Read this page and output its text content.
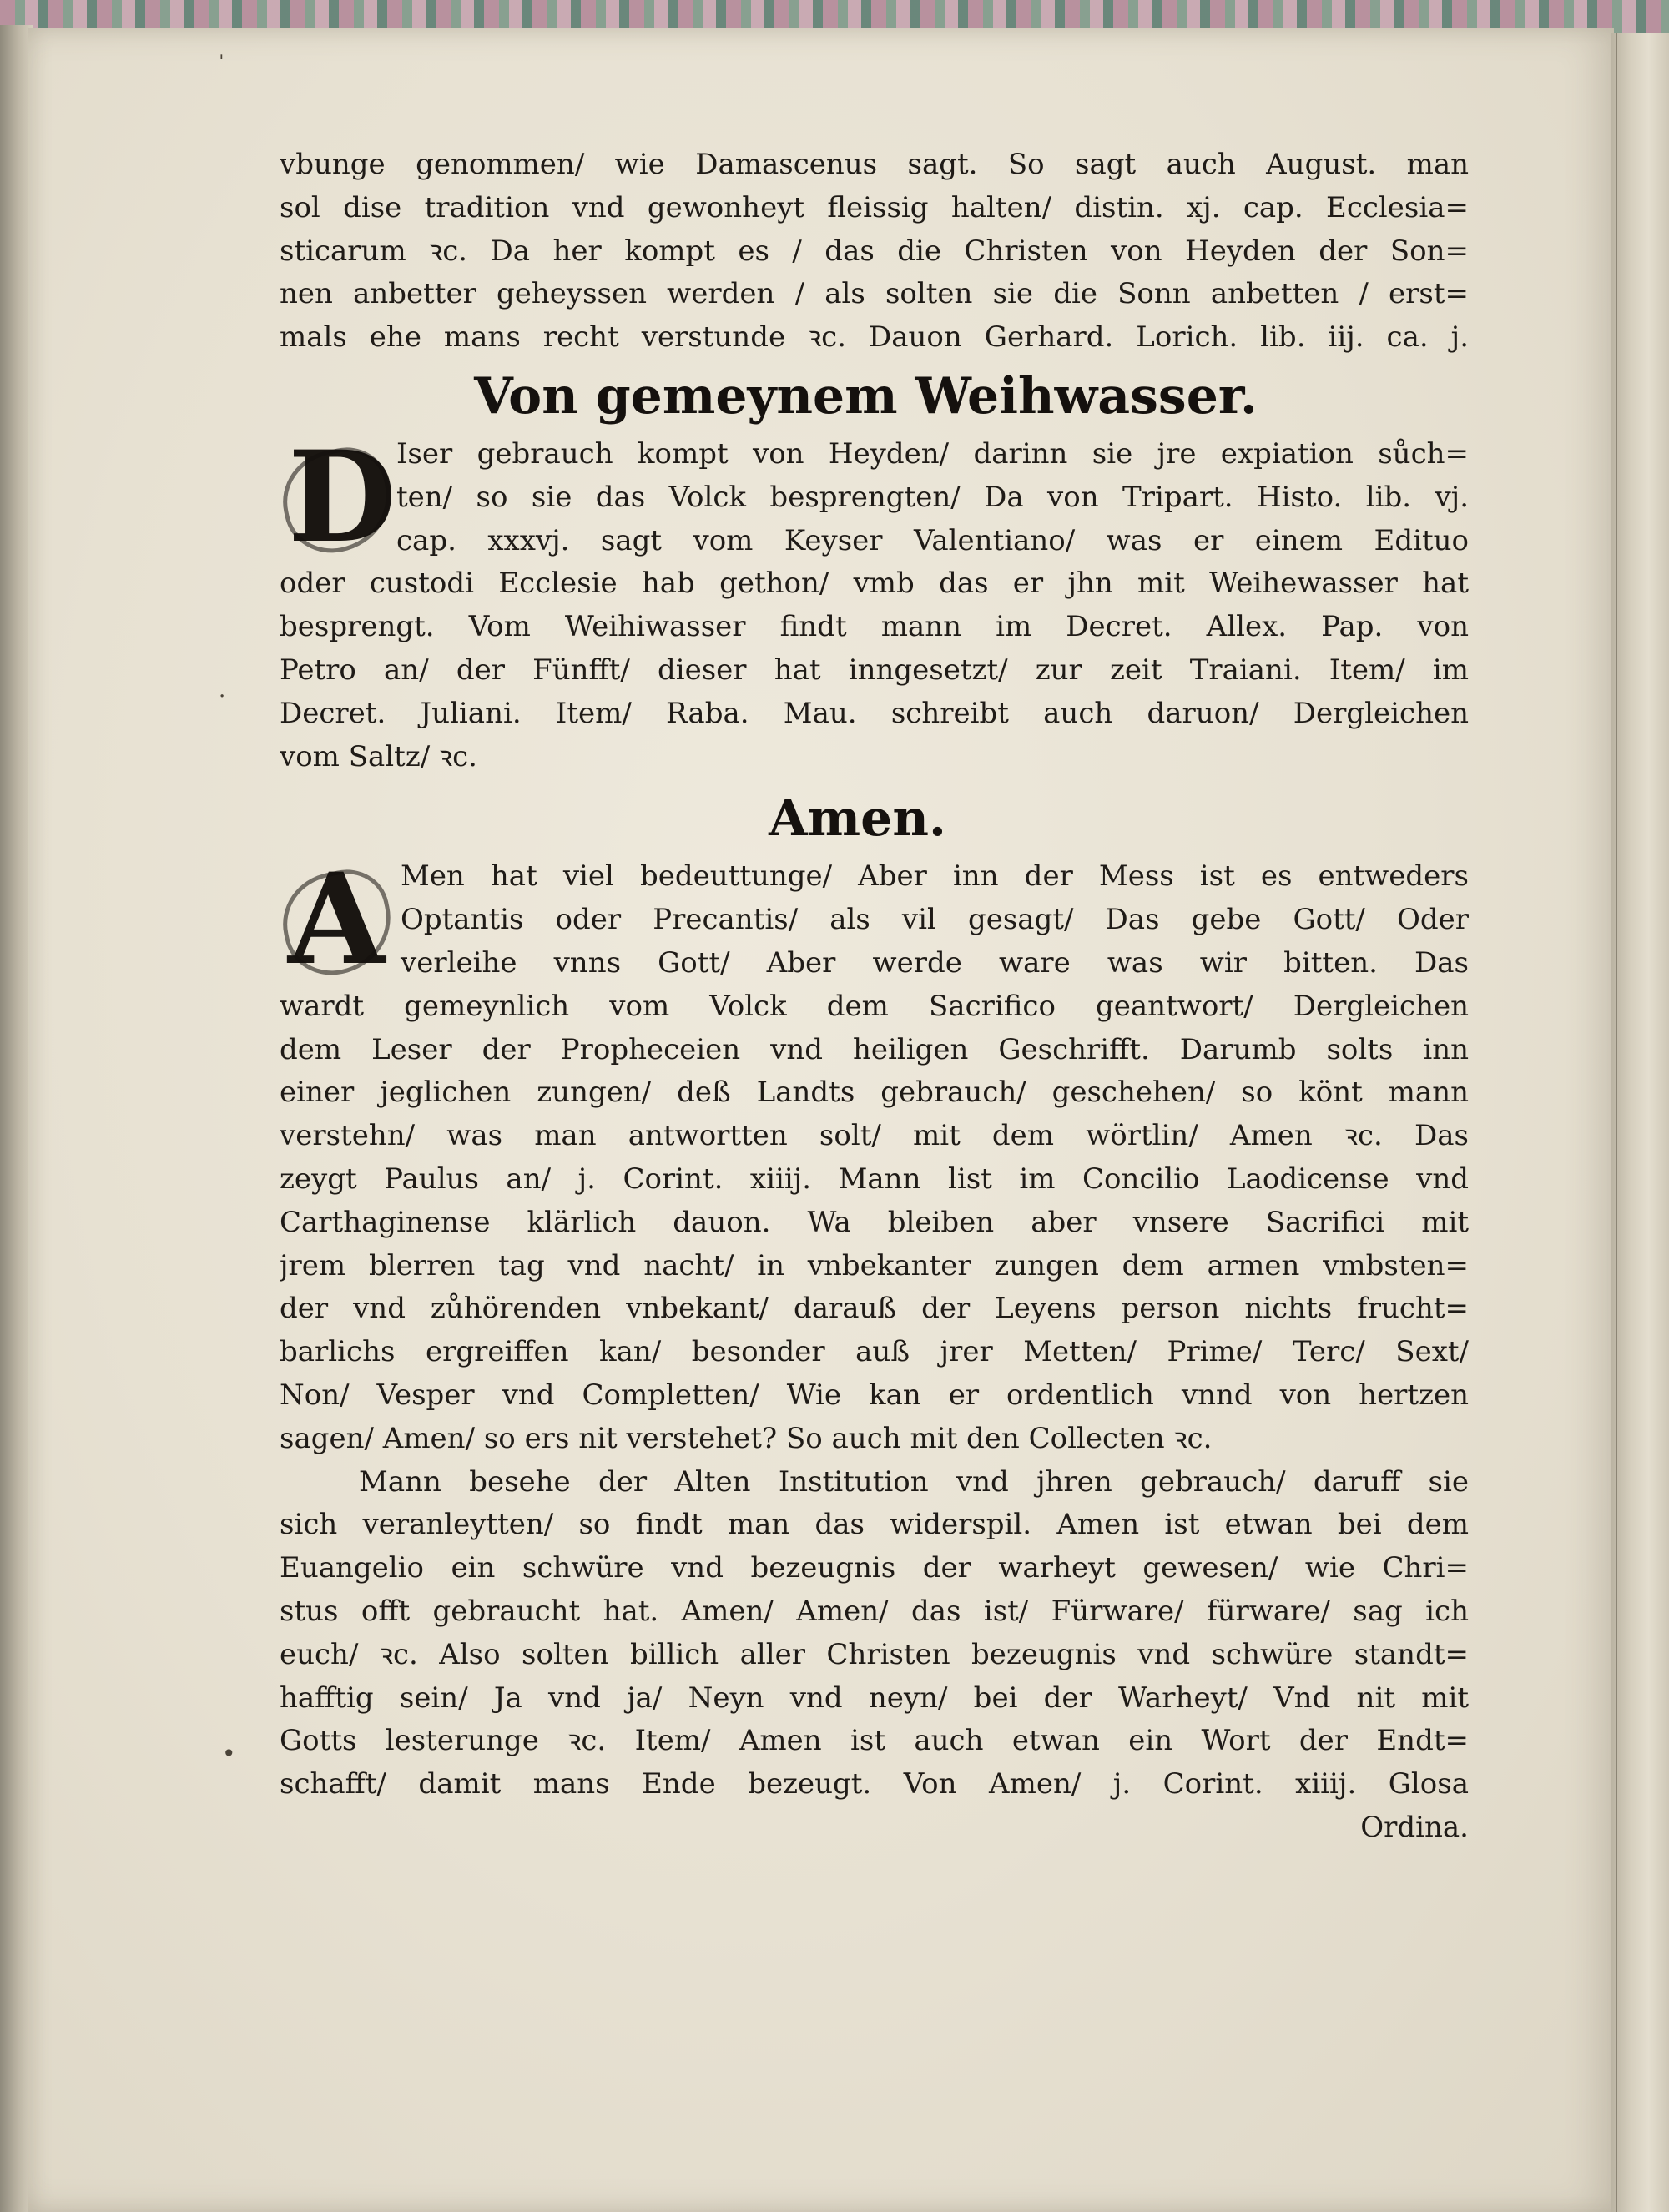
ˈ
·
•
vbunge genommen/ wie Damascenus sagt. So sagt auch August. man
sol dise tradition vnd gewonheyt fleissig halten/ distin. xj. cap. Ecclesia=
sticarum ꝛc. Da her kompt es / das die Christen von Heyden der Son=
nen anbetter geheyssen werden / als solten sie die Sonn anbetten / erst=
mals ehe mans recht verstunde ꝛc. Dauon Gerhard. Lorich. lib. iij. ca. j.
Von gemeynem Weihwasser.
D Iser gebrauch kompt von Heyden/ darinn sie jre expiation sůch=
ten/ so sie das Volck besprengten/ Da von Tripart. Histo. lib. vj.
cap. xxxvj. sagt vom Keyser Valentiano/ was er einem Edituo
oder custodi Ecclesie hab gethon/ vmb das er jhn mit Weihewasser hat
besprengt. Vom Weihiwasser findt mann im Decret. Allex. Pap. von
Petro an/ der Fünfft/ dieser hat inngesetzt/ zur zeit Traiani. Item/ im
Decret. Juliani. Item/ Raba. Mau. schreibt auch daruon/ Dergleichen
vom Saltz/ ꝛc.
Amen.
A Men hat viel bedeuttunge/ Aber inn der Mess ist es entweders
Optantis oder Precantis/ als vil gesagt/ Das gebe Gott/ Oder
verleihe vnns Gott/ Aber werde ware was wir bitten. Das
wardt gemeynlich vom Volck dem Sacrifico geantwort/ Dergleichen
dem Leser der Propheceien vnd heiligen Geschrifft. Darumb solts inn
einer jeglichen zungen/ deß Landts gebrauch/ geschehen/ so könt mann
verstehn/ was man antwortten solt/ mit dem wörtlin/ Amen ꝛc. Das
zeygt Paulus an/ j. Corint. xiiij. Mann list im Concilio Laodicense vnd
Carthaginense klärlich dauon. Wa bleiben aber vnsere Sacrifici mit
jrem blerren tag vnd nacht/ in vnbekanter zungen dem armen vmbsten=
der vnd zůhörenden vnbekant/ darauß der Leyens person nichts frucht=
barlichs ergreiffen kan/ besonder auß jrer Metten/ Prime/ Terc/ Sext/
Non/ Vesper vnd Completten/ Wie kan er ordentlich vnnd von hertzen
sagen/ Amen/ so ers nit verstehet? So auch mit den Collecten ꝛc.
Mann besehe der Alten Institution vnd jhren gebrauch/ daruff sie
sich veranleytten/ so findt man das widerspil. Amen ist etwan bei dem
Euangelio ein schwüre vnd bezeugnis der warheyt gewesen/ wie Chri=
stus offt gebraucht hat. Amen/ Amen/ das ist/ Fürware/ fürware/ sag ich
euch/ ꝛc. Also solten billich aller Christen bezeugnis vnd schwüre standt=
hafftig sein/ Ja vnd ja/ Neyn vnd neyn/ bei der Warheyt/ Vnd nit mit
Gotts lesterunge ꝛc. Item/ Amen ist auch etwan ein Wort der Endt=
schafft/ damit mans Ende bezeugt. Von Amen/ j. Corint. xiiij. Glosa
Ordina.
